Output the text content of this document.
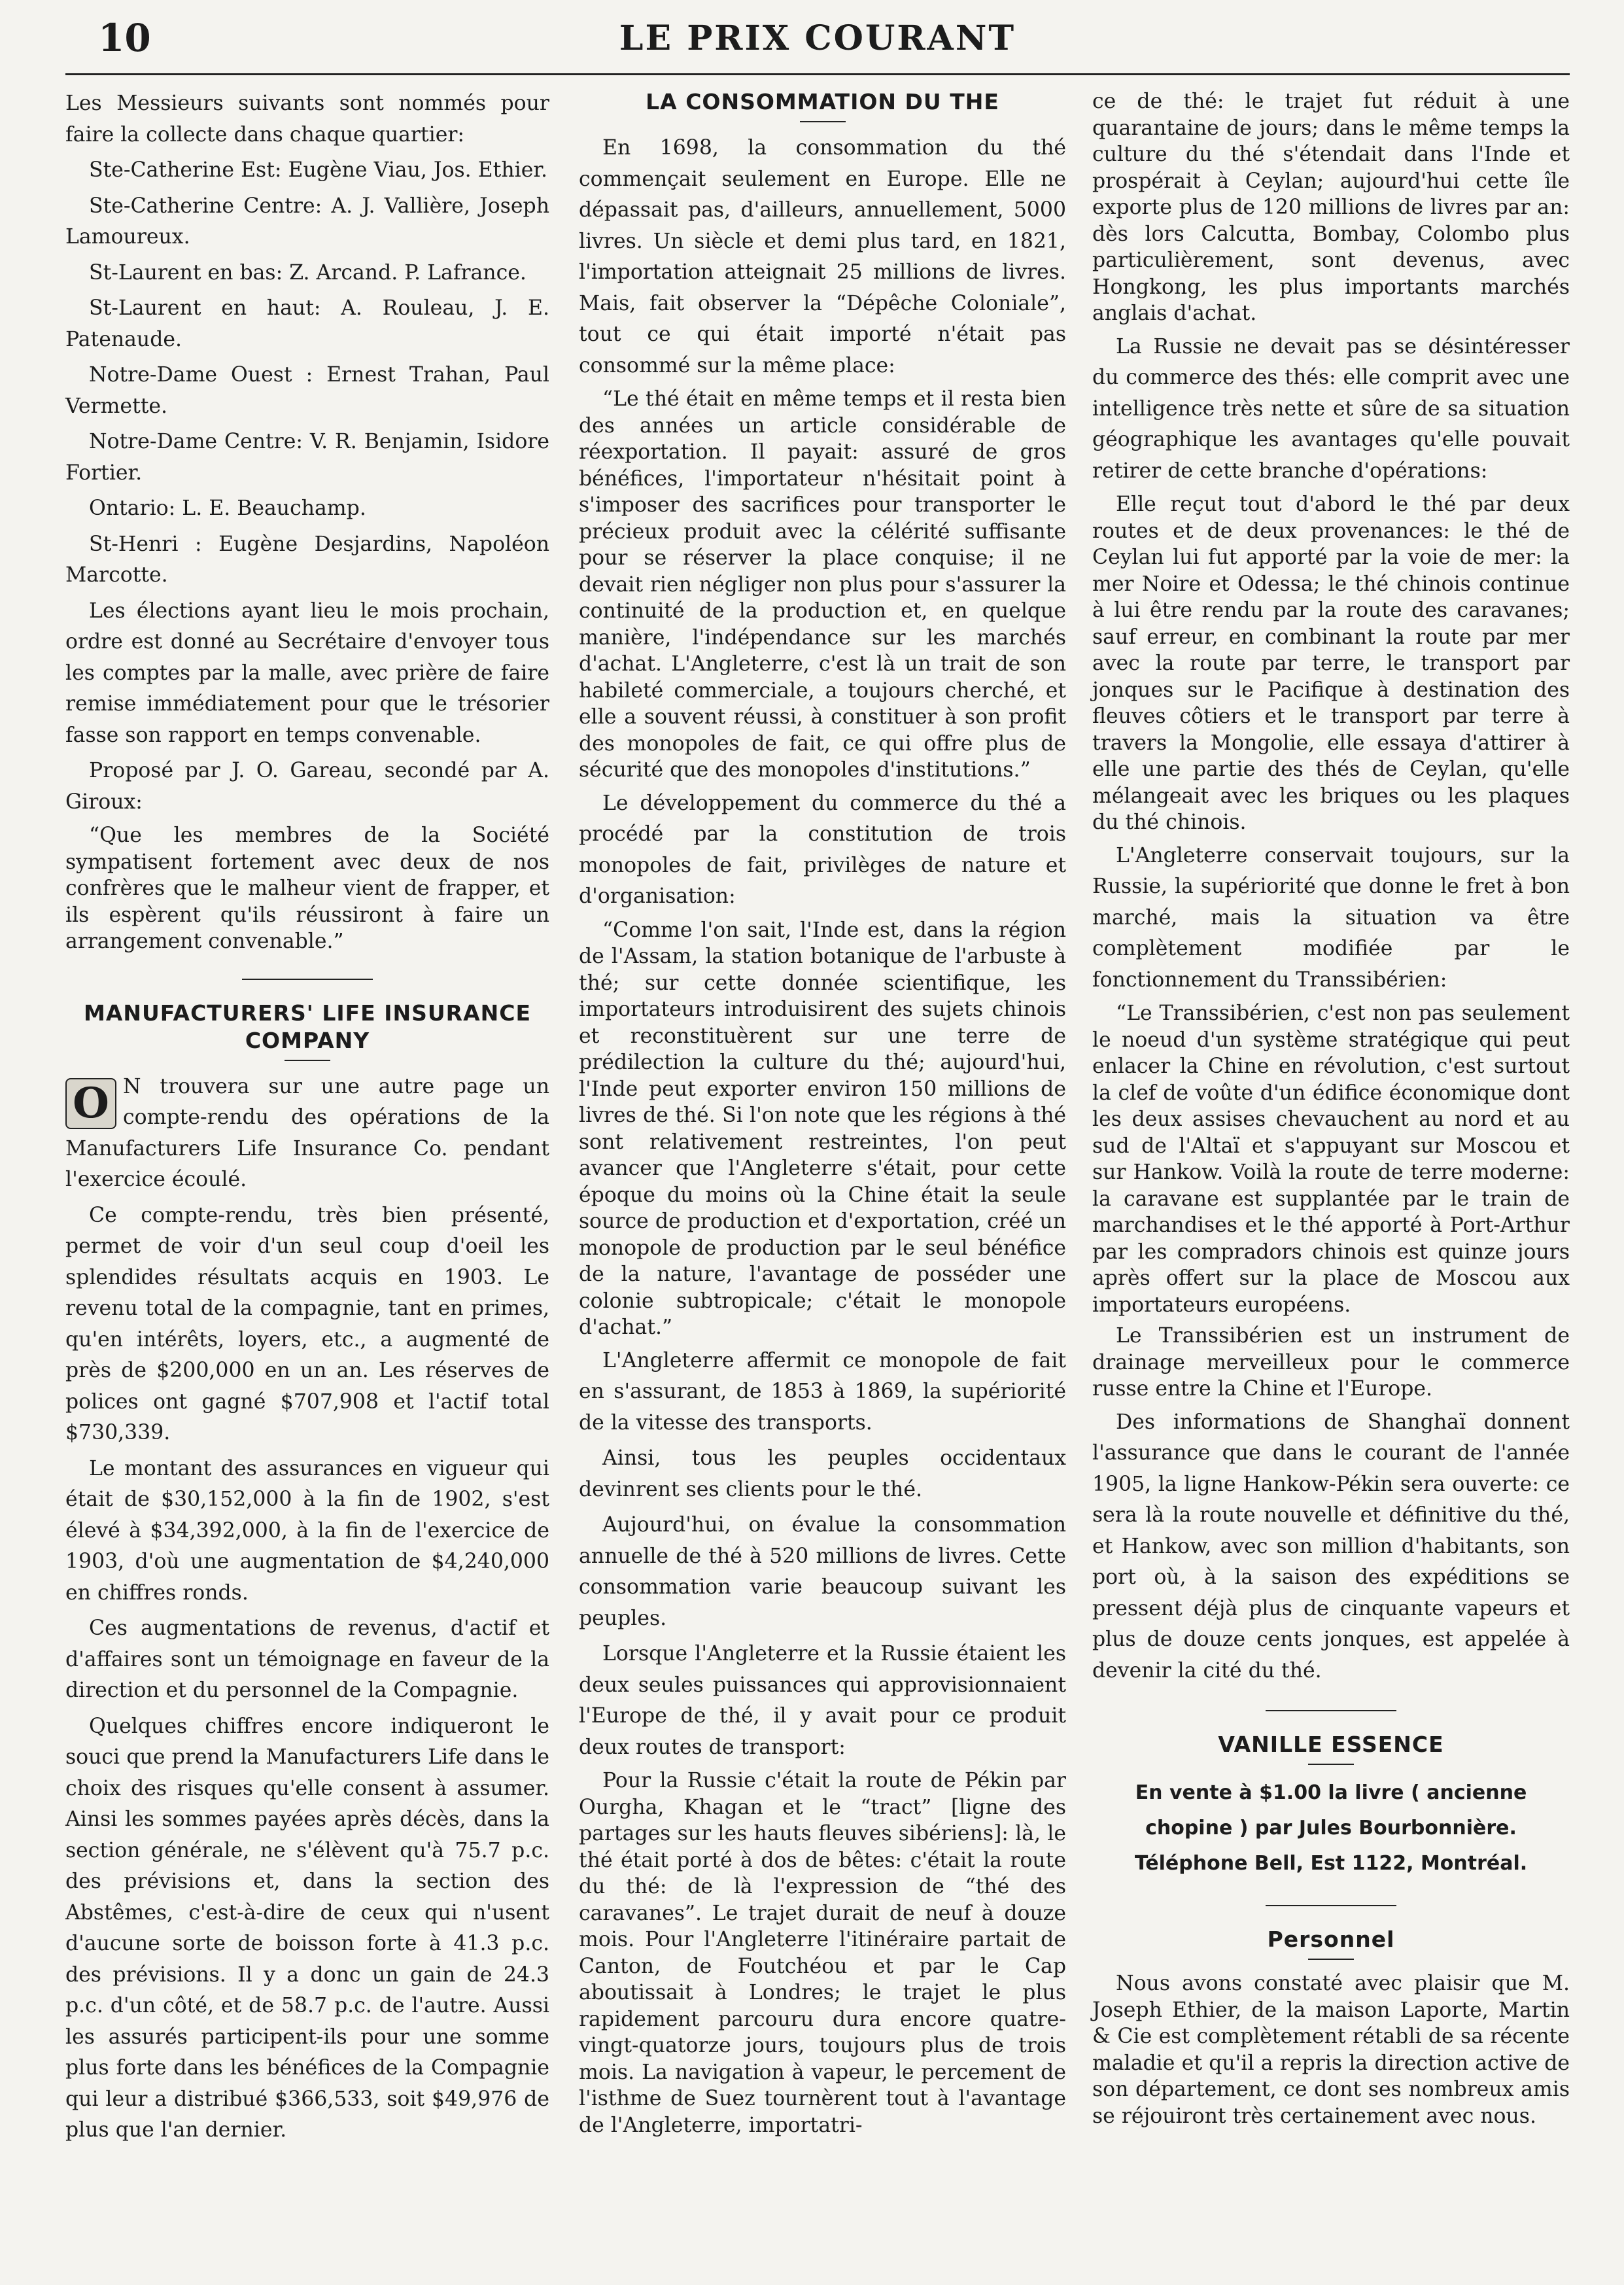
10	LE PRIX COURANT

Les Messieurs suivants sont nommés pour faire la collecte dans chaque quartier:

Ste-Catherine Est: Eugène Viau, Jos. Ethier.

Ste-Catherine Centre: A. J. Vallière, Joseph Lamoureux.

St-Laurent en bas: Z. Arcand. P. Lafrance.

St-Laurent en haut: A. Rouleau, J. E. Patenaude.

Notre-Dame Ouest : Ernest Trahan, Paul Vermette.

Notre-Dame Centre: V. R. Benjamin, Isidore Fortier.

Ontario: L. E. Beauchamp.

St-Henri : Eugène Desjardins, Napoléon Marcotte.

Les élections ayant lieu le mois prochain, ordre est donné au Secrétaire d'envoyer tous les comptes par la malle, avec prière de faire remise immédiatement pour que le trésorier fasse son rapport en temps convenable.

Proposé par J. O. Gareau, secondé par A. Giroux:

“Que les membres de la Société sympatisent fortement avec deux de nos confrères que le malheur vient de frapper, et ils espèrent qu'ils réussiront à faire un arrangement convenable.”

MANUFACTURERS' LIFE INSURANCE COMPANY

O N trouvera sur une autre page un compte-rendu des opérations de la Manufacturers Life Insurance Co. pendant l'exercice écoulé.

Ce compte-rendu, très bien présenté, permet de voir d'un seul coup d'oeil les splendides résultats acquis en 1903. Le revenu total de la compagnie, tant en primes, qu'en intérêts, loyers, etc., a augmenté de près de $200,000 en un an. Les réserves de polices ont gagné $707,908 et l'actif total $730,339.

Le montant des assurances en vigueur qui était de $30,152,000 à la fin de 1902, s'est élevé à $34,392,000, à la fin de l'exercice de 1903, d'où une augmentation de $4,240,000 en chiffres ronds.

Ces augmentations de revenus, d'actif et d'affaires sont un témoignage en faveur de la direction et du personnel de la Compagnie.

Quelques chiffres encore indiqueront le souci que prend la Manufacturers Life dans le choix des risques qu'elle consent à assumer. Ainsi les sommes payées après décès, dans la section générale, ne s'élèvent qu'à 75.7 p.c. des prévisions et, dans la section des Abstêmes, c'est-à-dire de ceux qui n'usent d'aucune sorte de boisson forte à 41.3 p.c. des prévisions. Il y a donc un gain de 24.3 p.c. d'un côté, et de 58.7 p.c. de l'autre. Aussi les assurés participent-ils pour une somme plus forte dans les bénéfices de la Compagnie qui leur a distribué $366,533, soit $49,976 de plus que l'an dernier.

LA CONSOMMATION DU THE

En 1698, la consommation du thé commençait seulement en Europe. Elle ne dépassait pas, d'ailleurs, annuellement, 5000 livres. Un siècle et demi plus tard, en 1821, l'importation atteignait 25 millions de livres. Mais, fait observer la “Dépêche Coloniale”, tout ce qui était importé n'était pas consommé sur la même place:

“Le thé était en même temps et il resta bien des années un article considérable de réexportation. Il payait: assuré de gros bénéfices, l'importateur n'hésitait point à s'imposer des sacrifices pour transporter le précieux produit avec la célérité suffisante pour se réserver la place conquise; il ne devait rien négliger non plus pour s'assurer la continuité de la production et, en quelque manière, l'indépendance sur les marchés d'achat. L'Angleterre, c'est là un trait de son habileté commerciale, a toujours cherché, et elle a souvent réussi, à constituer à son profit des monopoles de fait, ce qui offre plus de sécurité que des monopoles d'institutions.”

Le développement du commerce du thé a procédé par la constitution de trois monopoles de fait, privilèges de nature et d'organisation:

“Comme l'on sait, l'Inde est, dans la région de l'Assam, la station botanique de l'arbuste à thé; sur cette donnée scientifique, les importateurs introduisirent des sujets chinois et reconstituèrent sur une terre de prédilection la culture du thé; aujourd'hui, l'Inde peut exporter environ 150 millions de livres de thé. Si l'on note que les régions à thé sont relativement restreintes, l'on peut avancer que l'Angleterre s'était, pour cette époque du moins où la Chine était la seule source de production et d'exportation, créé un monopole de production par le seul bénéfice de la nature, l'avantage de posséder une colonie subtropicale; c'était le monopole d'achat.”

L'Angleterre affermit ce monopole de fait en s'assurant, de 1853 à 1869, la supériorité de la vitesse des transports.

Ainsi, tous les peuples occidentaux devinrent ses clients pour le thé.

Aujourd'hui, on évalue la consommation annuelle de thé à 520 millions de livres. Cette consommation varie beaucoup suivant les peuples.

Lorsque l'Angleterre et la Russie étaient les deux seules puissances qui approvisionnaient l'Europe de thé, il y avait pour ce produit deux routes de transport:

Pour la Russie c'était la route de Pékin par Ourgha, Khagan et le “tract” [ligne des partages sur les hauts fleuves sibériens]: là, le thé était porté à dos de bêtes: c'était la route du thé: de là l'expression de “thé des caravanes”. Le trajet durait de neuf à douze mois. Pour l'Angleterre l'itinéraire partait de Canton, de Foutchéou et par le Cap aboutissait à Londres; le trajet le plus rapidement parcouru dura encore quatre-vingt-quatorze jours, toujours plus de trois mois. La navigation à vapeur, le percement de l'isthme de Suez tournèrent tout à l'avantage de l'Angleterre, importatri-

ce de thé: le trajet fut réduit à une quarantaine de jours; dans le même temps la culture du thé s'étendait dans l'Inde et prospérait à Ceylan; aujourd'hui cette île exporte plus de 120 millions de livres par an: dès lors Calcutta, Bombay, Colombo plus particulièrement, sont devenus, avec Hongkong, les plus importants marchés anglais d'achat.

La Russie ne devait pas se désintéresser du commerce des thés: elle comprit avec une intelligence très nette et sûre de sa situation géographique les avantages qu'elle pouvait retirer de cette branche d'opérations:

Elle reçut tout d'abord le thé par deux routes et de deux provenances: le thé de Ceylan lui fut apporté par la voie de mer: la mer Noire et Odessa; le thé chinois continue à lui être rendu par la route des caravanes; sauf erreur, en combinant la route par mer avec la route par terre, le transport par jonques sur le Pacifique à destination des fleuves côtiers et le transport par terre à travers la Mongolie, elle essaya d'attirer à elle une partie des thés de Ceylan, qu'elle mélangeait avec les briques ou les plaques du thé chinois.

L'Angleterre conservait toujours, sur la Russie, la supériorité que donne le fret à bon marché, mais la situation va être complètement modifiée par le fonctionnement du Transsibérien:

“Le Transsibérien, c'est non pas seulement le noeud d'un système stratégique qui peut enlacer la Chine en révolution, c'est surtout la clef de voûte d'un édifice économique dont les deux assises chevauchent au nord et au sud de l'Altaï et s'appuyant sur Moscou et sur Hankow. Voilà la route de terre moderne: la caravane est supplantée par le train de marchandises et le thé apporté à Port-Arthur par les compradors chinois est quinze jours après offert sur la place de Moscou aux importateurs européens.

Le Transsibérien est un instrument de drainage merveilleux pour le commerce russe entre la Chine et l'Europe.

Des informations de Shanghaï donnent l'assurance que dans le courant de l'année 1905, la ligne Hankow-Pékin sera ouverte: ce sera là la route nouvelle et définitive du thé, et Hankow, avec son million d'habitants, son port où, à la saison des expéditions se pressent déjà plus de cinquante vapeurs et plus de douze cents jonques, est appelée à devenir la cité du thé.

VANILLE ESSENCE
En vente à $1.00 la livre ( ancienne chopine ) par Jules Bourbonnière. Téléphone Bell, Est 1122, Montréal.
Personnel

Nous avons constaté avec plaisir que M. Joseph Ethier, de la maison Laporte, Martin & Cie est complètement rétabli de sa récente maladie et qu'il a repris la direction active de son département, ce dont ses nombreux amis se réjouiront très certainement avec nous.
